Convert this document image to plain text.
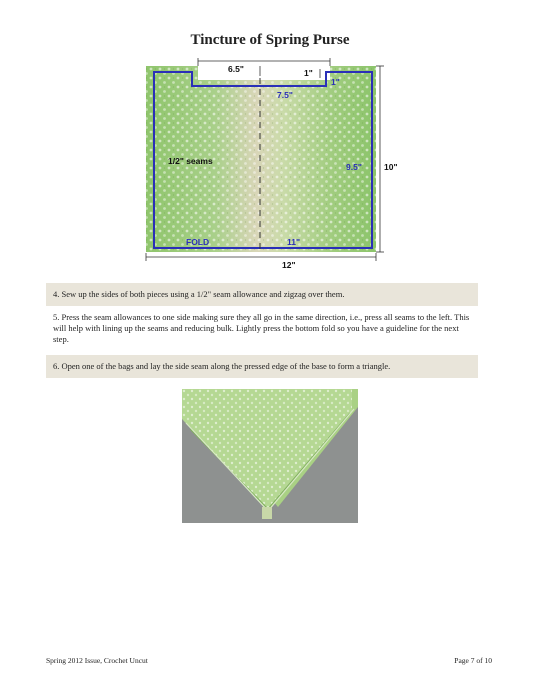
Tincture of Spring Purse
6.5"	1"
1"
7.5"
1/2" seams
9.5"	10"
FOLD	11"
12"
4. Sew up the sides of both pieces using a 1/2" seam allowance and zigzag over them.
5. Press the seam allowances to one side making sure they all go in the same direction, i.e., press all seams to the left. This will help with lining up the seams and reducing bulk. Lightly press the bottom fold so you have a guideline for the next step.
6. Open one of the bags and lay the side seam along the pressed edge of the base to form a triangle.
Spring 2012 Issue, Crochet Uncut	Page 7 of 10
